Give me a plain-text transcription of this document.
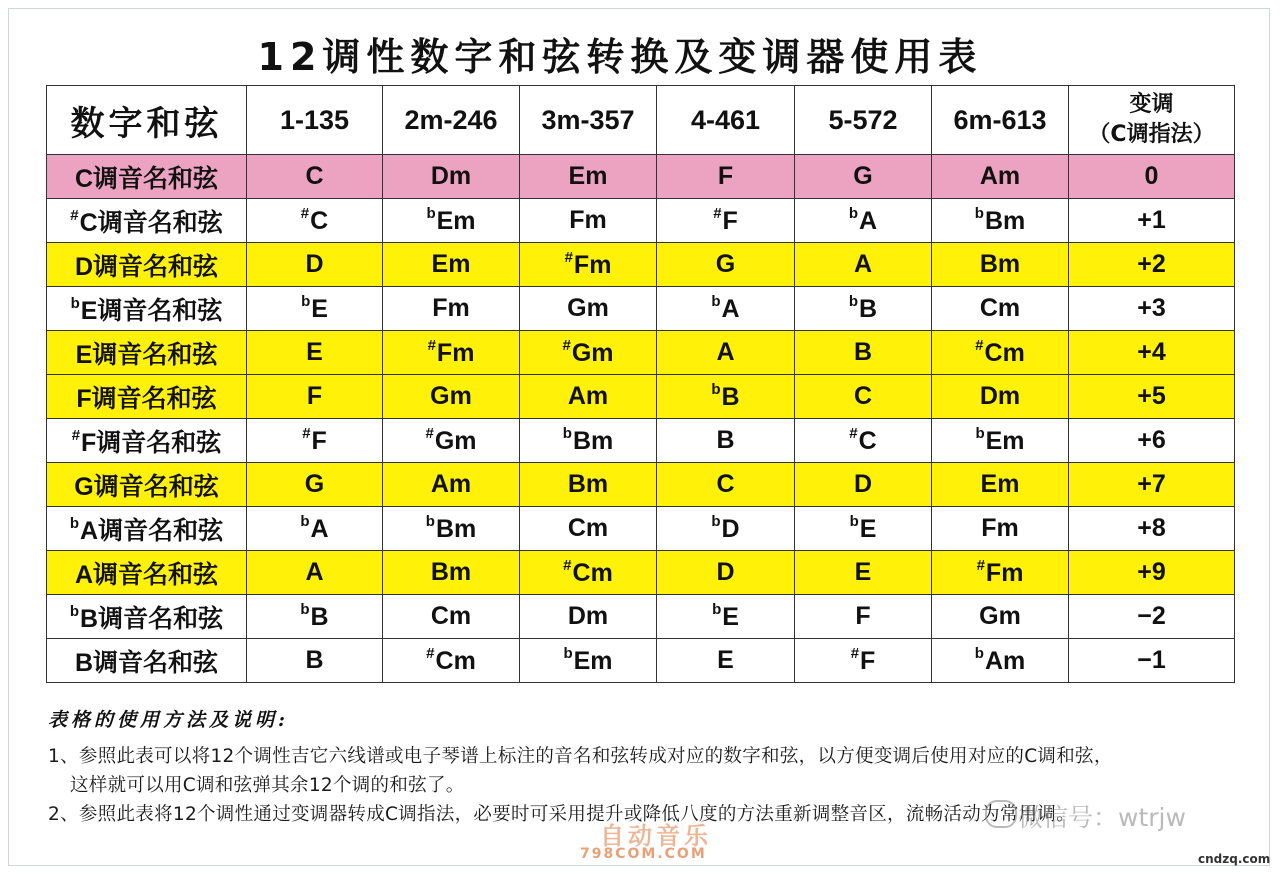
12调性数字和弦转换及变调器使用表
数字和弦	1-135	2m-246	3m-357	4-461	5-572	6m-613	变调
（C调指法）

C调音名和弦	C	Dm	Em	F	G	Am	0
#C调音名和弦	#C	$^b$Em	Fm	#F	$^b$A	$^b$Bm	+1
D调音名和弦	D	Em	#Fm	G	A	Bm	+2
$^b$E调音名和弦	$^b$E	Fm	Gm	$^b$A	$^b$B	Cm	+3
E调音名和弦	E	#Fm	#Gm	A	B	#Cm	+4
F调音名和弦	F	Gm	Am	$^b$B	C	Dm	+5
#F调音名和弦	#F	#Gm	$^b$Bm	B	#C	$^b$Em	+6
G调音名和弦	G	Am	Bm	C	D	Em	+7
$^b$A调音名和弦	$^b$A	$^b$Bm	Cm	$^b$D	$^b$E	Fm	+8
A调音名和弦	A	Bm	#Cm	D	E	#Fm	+9
$^b$B调音名和弦	$^b$B	Cm	Dm	$^b$E	F	Gm	−2
B调音名和弦	B	#Cm	$^b$Em	E	#F	$^b$Am	−1
表格的使用方法及说明:
1、参照此表可以将12个调性吉它六线谱或电子琴谱上标注的音名和弦转成对应的数字和弦，以方便变调后使用对应的C调和弦，
这样就可以用C调和弦弹其余12个调的和弦了。
2、参照此表将12个调性通过变调器转成C调指法，必要时可采用提升或降低八度的方法重新调整音区，流畅活动为常用调。
微信号：wtrjw
自动音乐
798COM.COM	cndzq.com
